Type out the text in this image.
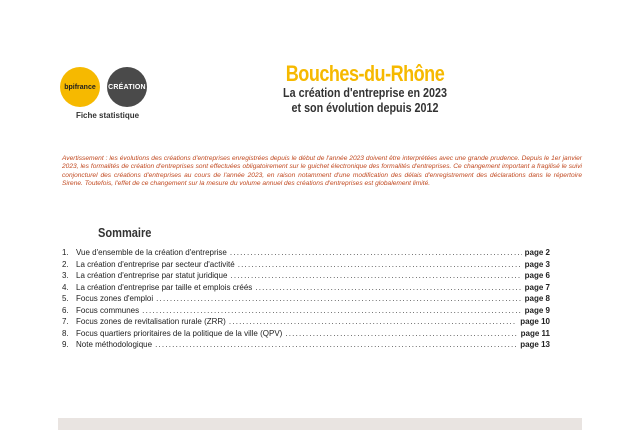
bpifrance	CRÉATION
Fiche statistique
Bouches-du-Rhône
La création d'entreprise en 2023
et son évolution depuis 2012
Avertissement : les évolutions des créations d'entreprises enregistrées depuis le début de l'année 2023 doivent être interprétées avec une grande prudence. Depuis le 1er janvier 2023, les formalités de création d'entreprises sont effectuées obligatoirement sur le guichet électronique des formalités d'entreprises. Ce changement important a fragilisé le suivi conjoncturel des créations d'entreprises au cours de l'année 2023, en raison notamment d'une modification des délais d'enregistrement des déclarations dans le répertoire Sirene. Toutefois, l'effet de ce changement sur la mesure du volume annuel des créations d'entreprises est globalement limité.
Sommaire
1. Vue d'ensemble de la création d'entreprise .....	page 2
2. La création d'entreprise par secteur d'activité .....	page 3
3. La création d'entreprise par statut juridique .....	page 6
4. La création d'entreprise par taille et emplois créés .....	page 7
5. Focus zones d'emploi .....	page 8
6. Focus communes .....	page 9
7. Focus zones de revitalisation rurale (ZRR) .....	page 10
8. Focus quartiers prioritaires de la politique de la ville (QPV) .....	page 11
9. Note méthodologique .....	page 13
